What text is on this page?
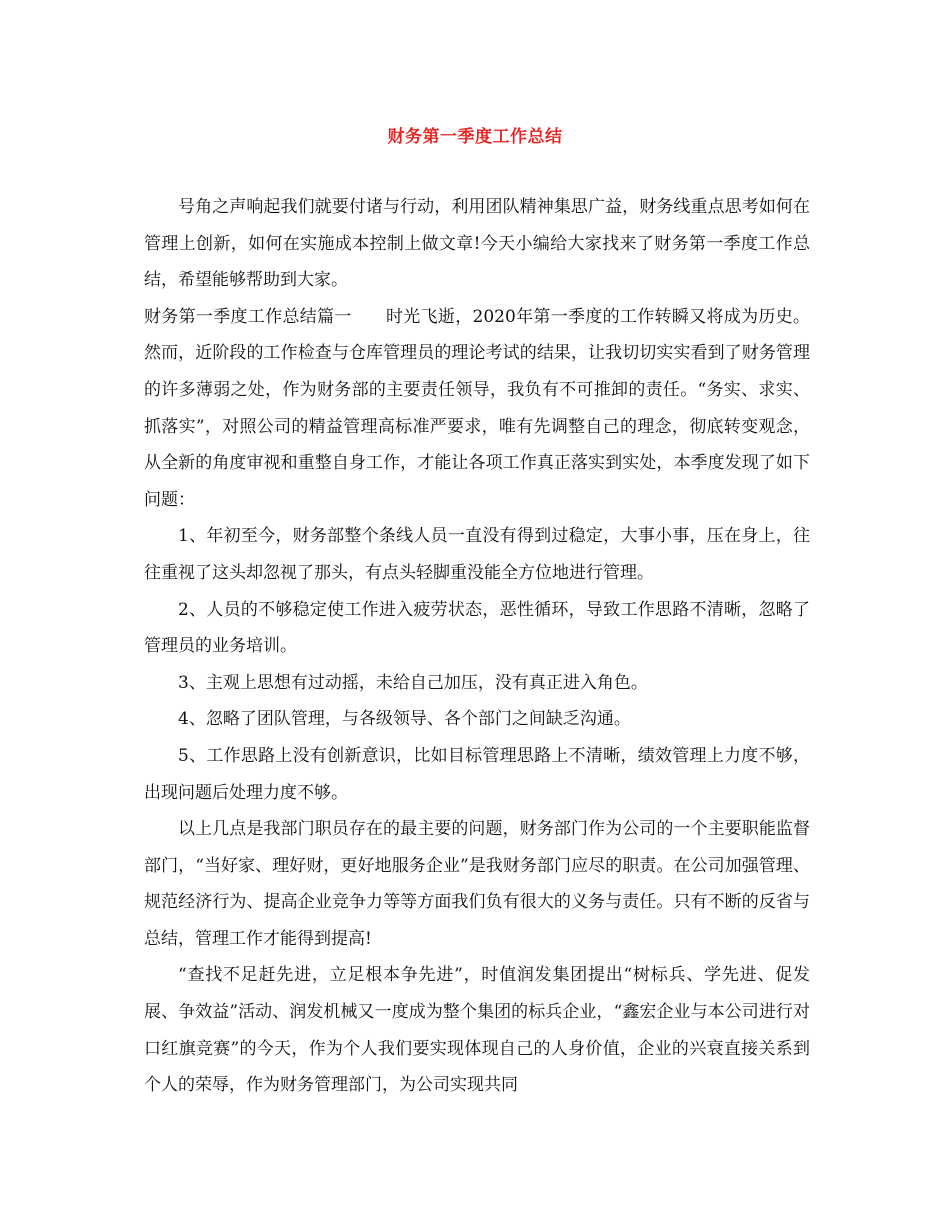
财务第一季度工作总结

号角之声响起我们就要付诸与行动，利用团队精神集思广益，财务线重点思考如何在管理上创新，如何在实施成本控制上做文章!今天小编给大家找来了财务第一季度工作总结，希望能够帮助到大家。

财务第一季度工作总结篇一 时光飞逝，2020年第一季度的工作转瞬又将成为历史。然而，近阶段的工作检查与仓库管理员的理论考试的结果，让我切切实实看到了财务管理的许多薄弱之处，作为财务部的主要责任领导，我负有不可推卸的责任。“务实、求实、抓落实”，对照公司的精益管理高标准严要求，唯有先调整自己的理念，彻底转变观念，从全新的角度审视和重整自身工作，才能让各项工作真正落实到实处，本季度发现了如下问题：

1、年初至今，财务部整个条线人员一直没有得到过稳定，大事小事，压在身上，往往重视了这头却忽视了那头，有点头轻脚重没能全方位地进行管理。

2、人员的不够稳定使工作进入疲劳状态，恶性循环，导致工作思路不清晰，忽略了管理员的业务培训。

3、主观上思想有过动摇，未给自己加压，没有真正进入角色。

4、忽略了团队管理，与各级领导、各个部门之间缺乏沟通。

5、工作思路上没有创新意识，比如目标管理思路上不清晰，绩效管理上力度不够，出现问题后处理力度不够。

以上几点是我部门职员存在的最主要的问题，财务部门作为公司的一个主要职能监督部门，“当好家、理好财，更好地服务企业”是我财务部门应尽的职责。在公司加强管理、规范经济行为、提高企业竞争力等等方面我们负有很大的义务与责任。只有不断的反省与总结，管理工作才能得到提高!

“查找不足赶先进，立足根本争先进”，时值润发集团提出“树标兵、学先进、促发展、争效益”活动、润发机械又一度成为整个集团的标兵企业，“鑫宏企业与本公司进行对口红旗竞赛”的今天，作为个人我们要实现体现自己的人身价值，企业的兴衰直接关系到个人的荣辱，作为财务管理部门，为公司实现共同
